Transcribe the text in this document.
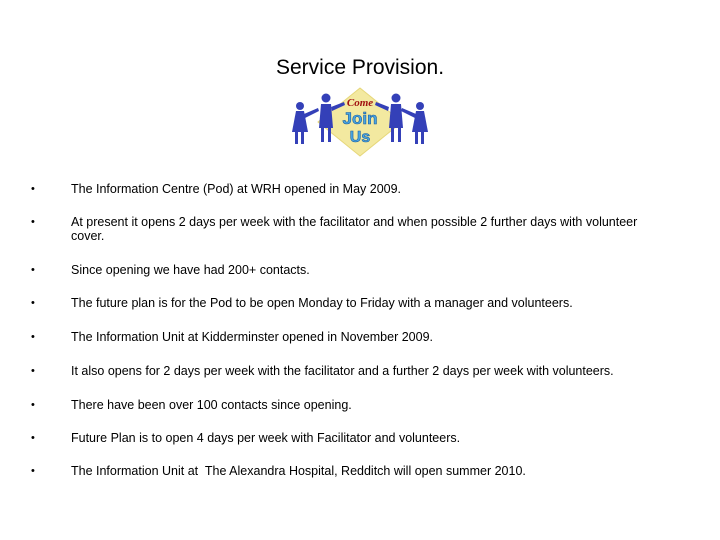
Service Provision.
Come
Join
Us
•	The Information Centre (Pod) at WRH opened in May 2009.
•	At present it opens 2 days per week with the facilitator and when possible 2 further days with volunteer cover.
•	Since opening we have had 200+ contacts.
•	The future plan is for the Pod to be open Monday to Friday with a manager and volunteers.
•	The Information Unit at Kidderminster opened in November 2009.
•	It also opens for 2 days per week with the facilitator and a further 2 days per week with volunteers.
•	There have been over 100 contacts since opening.
•	Future Plan is to open 4 days per week with Facilitator and volunteers.
•	The Information Unit at  The Alexandra Hospital, Redditch will open summer 2010.
